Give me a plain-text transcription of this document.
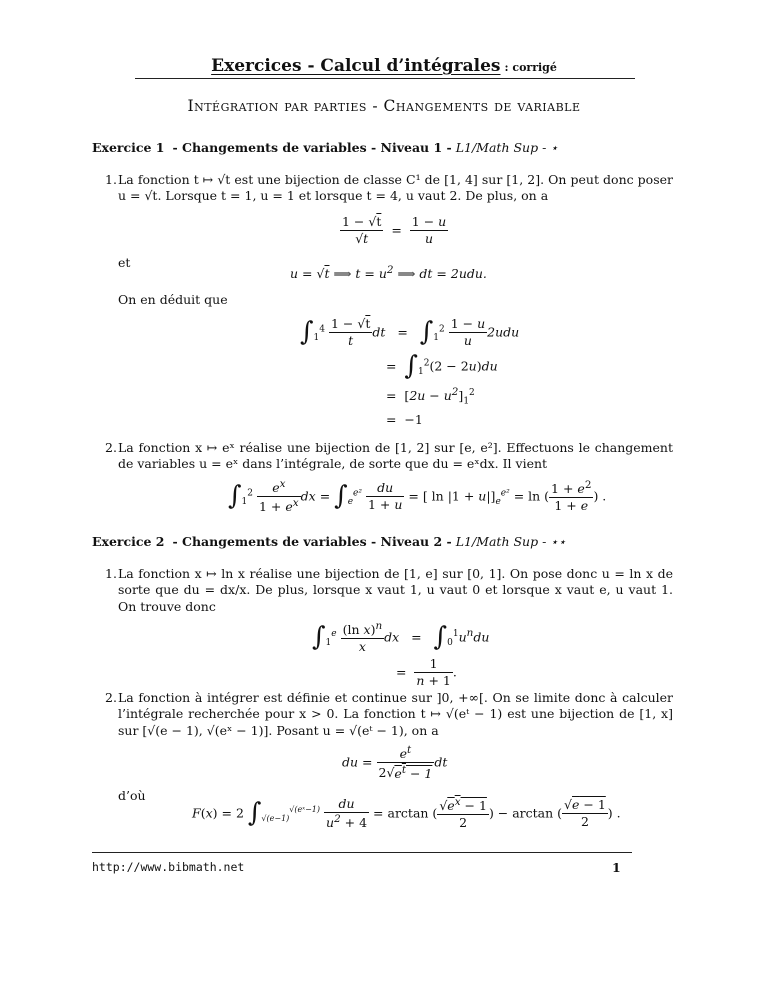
Exercices - Calcul d’intégrales : corrigé
Intégration par parties - Changements de variable
Exercice 1 - Changements de variables - Niveau 1 - L1/Math Sup - ⋆
1. La fonction t ↦ √t est une bijection de classe C¹ de [1, 4] sur [1, 2]. On peut donc poser u = √t. Lorsque t = 1, u = 1 et lorsque t = 4, u vaut 2. De plus, on a
$\frac{1 - √t}{√t} = \frac{1 - u}{u}$
et
u = √t ⟹ $t = u^2$ ⟹ dt = 2udu.
On en déduit que
$\int_1^4 \frac{1 - √t}{t}$ dt   =   $\int_1^2 \frac{1 - u}{u} 2udu$
=  $\int_1^2(2 - 2u)du$
=  $[2u - u^2]_1^2$
=  −1
2. La fonction x ↦ eˣ réalise une bijection de [1, 2] sur [e, e²]. Effectuons le changement de variables u = eˣ dans l’intégrale, de sorte que du = eˣdx. Il vient
$\int_1^2 \frac{e^x}{1 + e^x}$ dx = $\int_e^{e^2} \frac{du}{1 + u}$ = [ $\ln |1 + u|]_e^{e^2} = \ln$ ( $\frac{1 + e^2}{1 + e}$ ) .
Exercice 2 - Changements de variables - Niveau 2 - L1/Math Sup - ⋆⋆
1. La fonction x ↦ ln x réalise une bijection de [1, e] sur [0, 1]. On pose donc u = ln x de sorte que du = dx/x. De plus, lorsque x vaut 1, u vaut 0 et lorsque x vaut e, u vaut 1. On trouve donc
$\int_1^e \frac{(\ln x)^n}{x}$ dx   =   $\int_0^1u^ndu$
= $\frac{1}{n + 1}$ .
2. La fonction à intégrer est définie et continue sur ]0, +∞[. On se limite donc à calculer l’intégrale recherchée pour x > 0. La fonction t ↦ √(eᵗ − 1) est une bijection de [1, x] sur [√(e − 1), √(eˣ − 1)]. Posant u = √(eᵗ − 1), on a
du = $\frac{e^t}{2√e^t - 1}$ dt
d’où
F(x) = 2 $\int_{√(e-1)}^{√(eˣ-1)} \frac{du}{u^2 + 4} = \arctan$ ( $\frac{√e^x - 1}{2}$ ) − arctan ( $\frac{√e - 1}{2}$ ) .
http://www.bibmath.net	1
